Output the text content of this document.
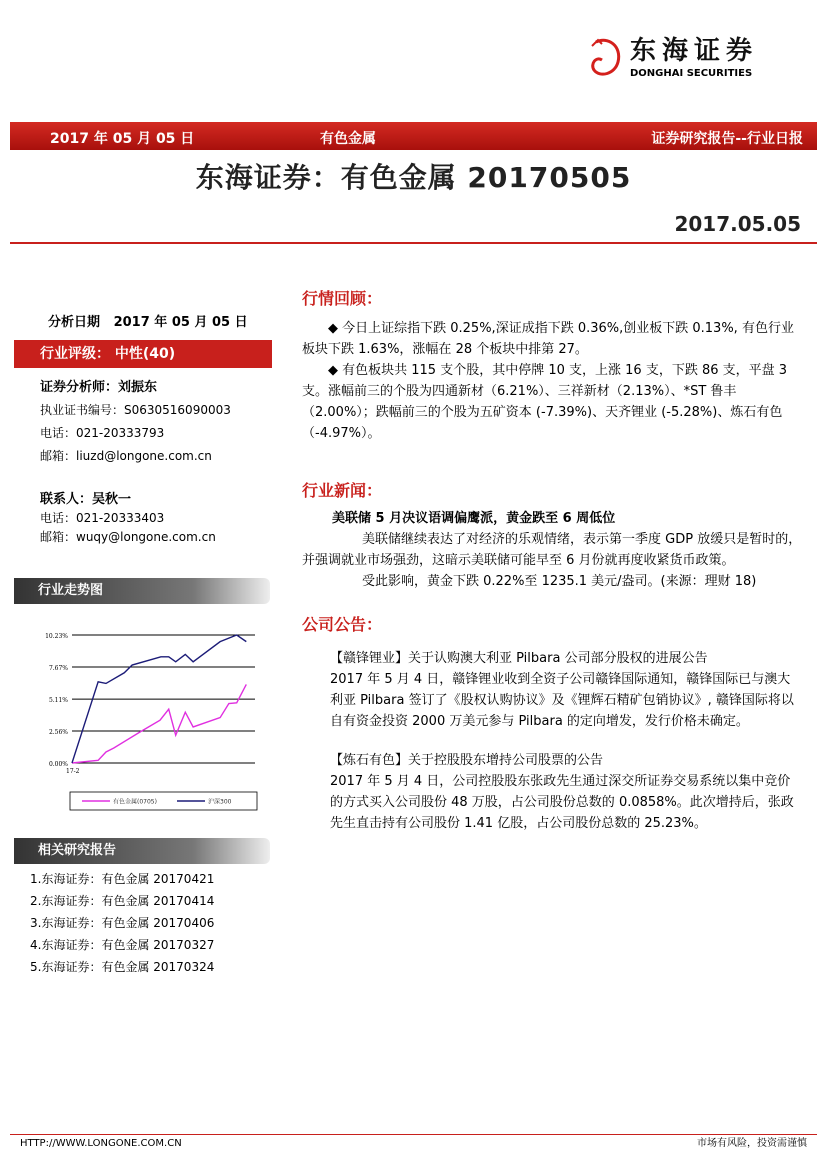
东海证券
DONGHAI SECURITIES
2017 年 05 月 05 日	有色金属	证券研究报告--行业日报
东海证券：有色金属 20170505
2017.05.05
分析日期 2017 年 05 月 05 日
行业评级： 中性(40)
证券分析师：刘振东
执业证书编号：S0630516090003
电话：021-20333793
邮箱：liuzd@longone.com.cn
联系人：吴秋一
电话：021-20333403
邮箱：wuqy@longone.com.cn
行业走势图
0.00%
2.56%
5.11%
7.67%
10.23%
17-2
有色金属(0705)	沪深300
相关研究报告
1.东海证券：有色金属 20170421
2.东海证券：有色金属 20170414
3.东海证券：有色金属 20170406
4.东海证券：有色金属 20170327
5.东海证券：有色金属 20170324
行情回顾：
◆ 今日上证综指下跌 0.25%,深证成指下跌 0.36%,创业板下跌 0.13%, 有色行业板块下跌 1.63%，涨幅在 28 个板块中排第 27。
◆ 有色板块共 115 支个股，其中停牌 10 支，上涨 16 支，下跌 86 支，平盘 3 支。涨幅前三的个股为四通新材（6.21%）、三祥新材（2.13%）、*ST 鲁丰（2.00%）；跌幅前三的个股为五矿资本 (-7.39%)、天齐锂业 (-5.28%)、炼石有色（-4.97%）。
行业新闻：
美联储 5 月决议语调偏鹰派，黄金跌至 6 周低位
美联储继续表达了对经济的乐观情绪，表示第一季度 GDP 放缓只是暂时的，并强调就业市场强劲，这暗示美联储可能早至 6 月份就再度收紧货币政策。
受此影响，黄金下跌 0.22%至 1235.1 美元/盎司。(来源：理财 18)
公司公告：
【赣锋锂业】关于认购澳大利亚 Pilbara 公司部分股权的进展公告
2017 年 5 月 4 日，赣锋锂业收到全资子公司赣锋国际通知，赣锋国际已与澳大利亚 Pilbara 签订了《股权认购协议》及《锂辉石精矿包销协议》, 赣锋国际将以自有资金投资 2000 万美元参与 Pilbara 的定向增发，发行价格未确定。
【炼石有色】关于控股股东增持公司股票的公告
2017 年 5 月 4 日，公司控股股东张政先生通过深交所证券交易系统以集中竞价的方式买入公司股份 48 万股，占公司股份总数的 0.0858%。此次增持后，张政先生直击持有公司股份 1.41 亿股，占公司股份总数的 25.23%。
HTTP://WWW.LONGONE.COM.CN	市场有风险，投资需谨慎
